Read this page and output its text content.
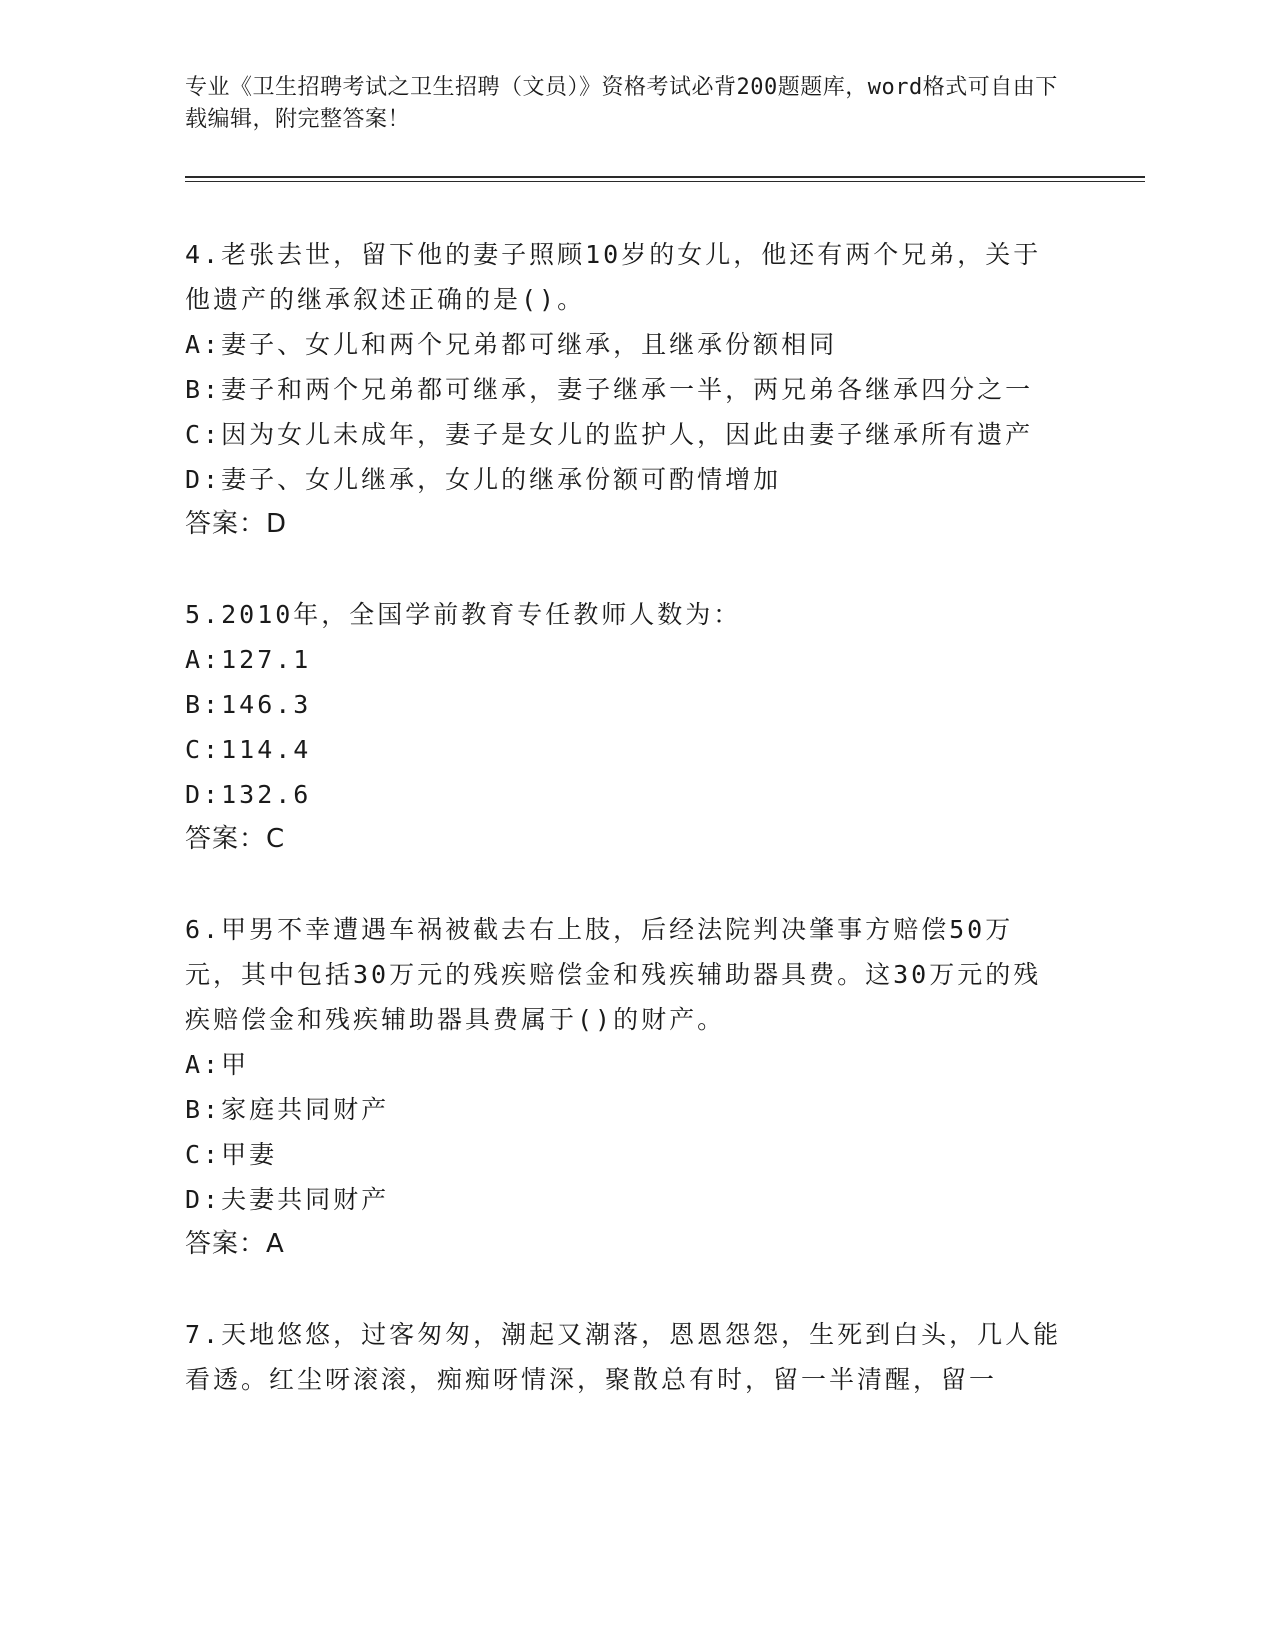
专业《卫生招聘考试之卫生招聘（文员）》资格考试必背200题题库，word格式可自由下载编辑，附完整答案！
4.老张去世，留下他的妻子照顾10岁的女儿，他还有两个兄弟，关于他遗产的继承叙述正确的是()。
A:妻子、女儿和两个兄弟都可继承，且继承份额相同
B:妻子和两个兄弟都可继承，妻子继承一半，两兄弟各继承四分之一
C:因为女儿未成年，妻子是女儿的监护人，因此由妻子继承所有遗产
D:妻子、女儿继承，女儿的继承份额可酌情增加
答案：D
5.2010年，全国学前教育专任教师人数为：
A:127.1
B:146.3
C:114.4
D:132.6
答案：C
6.甲男不幸遭遇车祸被截去右上肢，后经法院判决肇事方赔偿50万元，其中包括30万元的残疾赔偿金和残疾辅助器具费。这30万元的残疾赔偿金和残疾辅助器具费属于()的财产。
A:甲
B:家庭共同财产
C:甲妻
D:夫妻共同财产
答案：A
7.天地悠悠，过客匆匆，潮起又潮落，恩恩怨怨，生死到白头，几人能看透。红尘呀滚滚，痴痴呀情深，聚散总有时，留一半清醒，留一
